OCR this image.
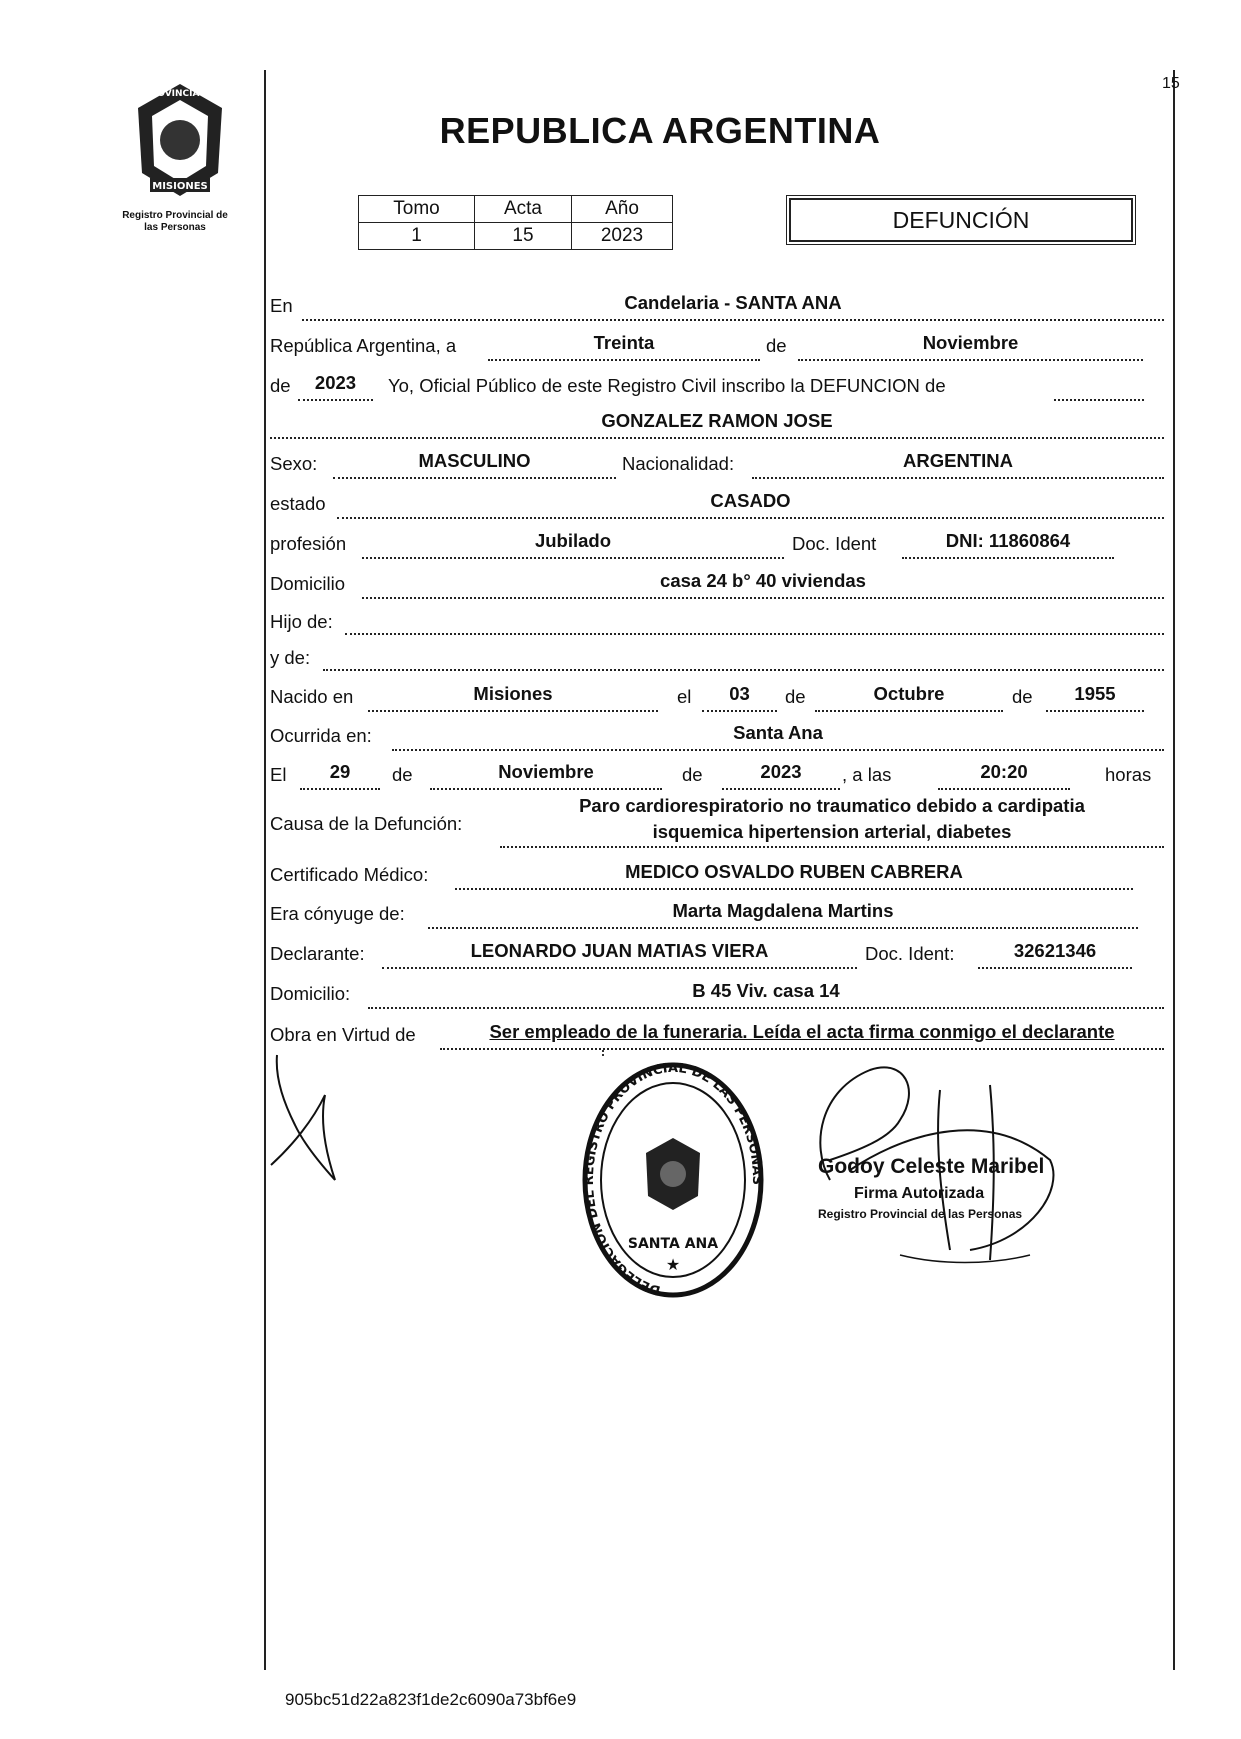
PROVINCIA DE
MISIONES
Registro Provincial de
las Personas
15
REPUBLICA ARGENTINA
Tomo	Acta	Año
1	15	2023
DEFUNCIÓN
En	Candelaria - SANTA ANA
República Argentina, a	Treinta	de	Noviembre
de	2023	Yo, Oficial Público de este Registro Civil inscribo la DEFUNCION de
GONZALEZ RAMON JOSE
Sexo:	MASCULINO	Nacionalidad:	ARGENTINA
estado	CASADO
profesión	Jubilado	Doc. Ident	DNI: 11860864
Domicilio	casa 24 b° 40 viviendas
Hijo de:
y de:
Nacido en	Misiones	el	03	de	Octubre	de	1955
Ocurrida en:	Santa Ana
El	29	de	Noviembre	de	2023	, a las	20:20	horas
Causa de la Defunción:
Paro cardiorespiratorio no traumatico debido a cardipatia
isquemica hipertension arterial, diabetes
Certificado Médico:	MEDICO OSVALDO RUBEN CABRERA
Era cónyuge de:	Marta Magdalena Martins
Declarante:	LEONARDO JUAN MATIAS VIERA	Doc. Ident:	32621346
Domicilio:	B 45 Viv. casa 14
Obra en Virtud de	Ser empleado de la funeraria. Leída el acta firma conmigo el declarante
DELEGACION DEL REGISTRO PROVINCIAL DE LAS PERSONAS
SANTA ANA
★
Godoy Celeste Maribel
Firma Autorizada
Registro Provincial de las Personas
905bc51d22a823f1de2c6090a73bf6e9
